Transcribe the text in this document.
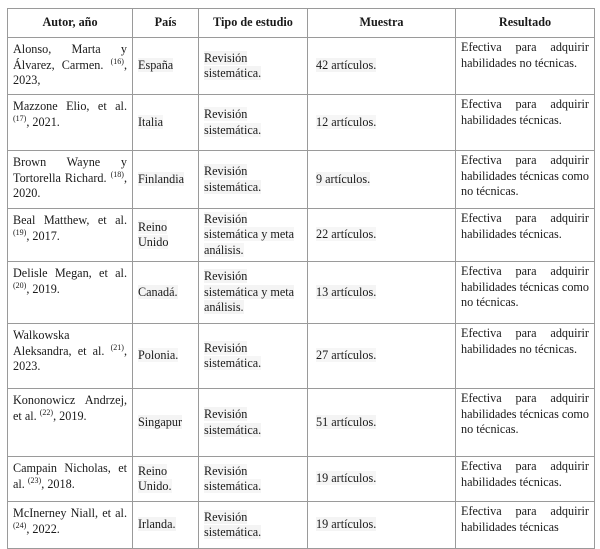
Autor, año	País	Tipo de estudio	Muestra	Resultado
Alonso, Marta y Álvarez, Carmen. $^{(16)}$, 2023,	España	Revisión sistemática.	42 artículos.	Efectiva para adquirir habilidades no técnicas.
Mazzone Elio, et al. $^{(17)}$, 2021.	Italia	Revisión sistemática.	12 artículos.	Efectiva para adquirir habilidades técnicas.
Brown Wayne y Tortorella Richard. $^{(18)}$, 2020.	Finlandia	Revisión sistemática.	9 artículos.	Efectiva para adquirir habilidades técnicas como no técnicas.
Beal Matthew, et al. $^{(19)}$, 2017.	Reino Unido	Revisión sistemática y meta análisis.	22 artículos.	Efectiva para adquirir habilidades técnicas.
Delisle Megan, et al. $^{(20)}$, 2019.	Canadá.	Revisión sistemática y meta análisis.	13 artículos.	Efectiva para adquirir habilidades técnicas como no técnicas.
Walkowska Aleksandra, et al. $^{(21)}$, 2023.	Polonia.	Revisión sistemática.	27 artículos.	Efectiva para adquirir habilidades no técnicas.
Kononowicz Andrzej, et al. $^{(22)}$, 2019.	Singapur	Revisión sistemática.	51 artículos.	Efectiva para adquirir habilidades técnicas como no técnicas.
Campain Nicholas, et al. $^{(23)}$, 2018.	Reino Unido.	Revisión sistemática.	19 artículos.	Efectiva para adquirir habilidades técnicas.
McInerney Niall, et al. $^{(24)}$, 2022.	Irlanda.	Revisión sistemática.	19 artículos.	Efectiva para adquirir habilidades técnicas
